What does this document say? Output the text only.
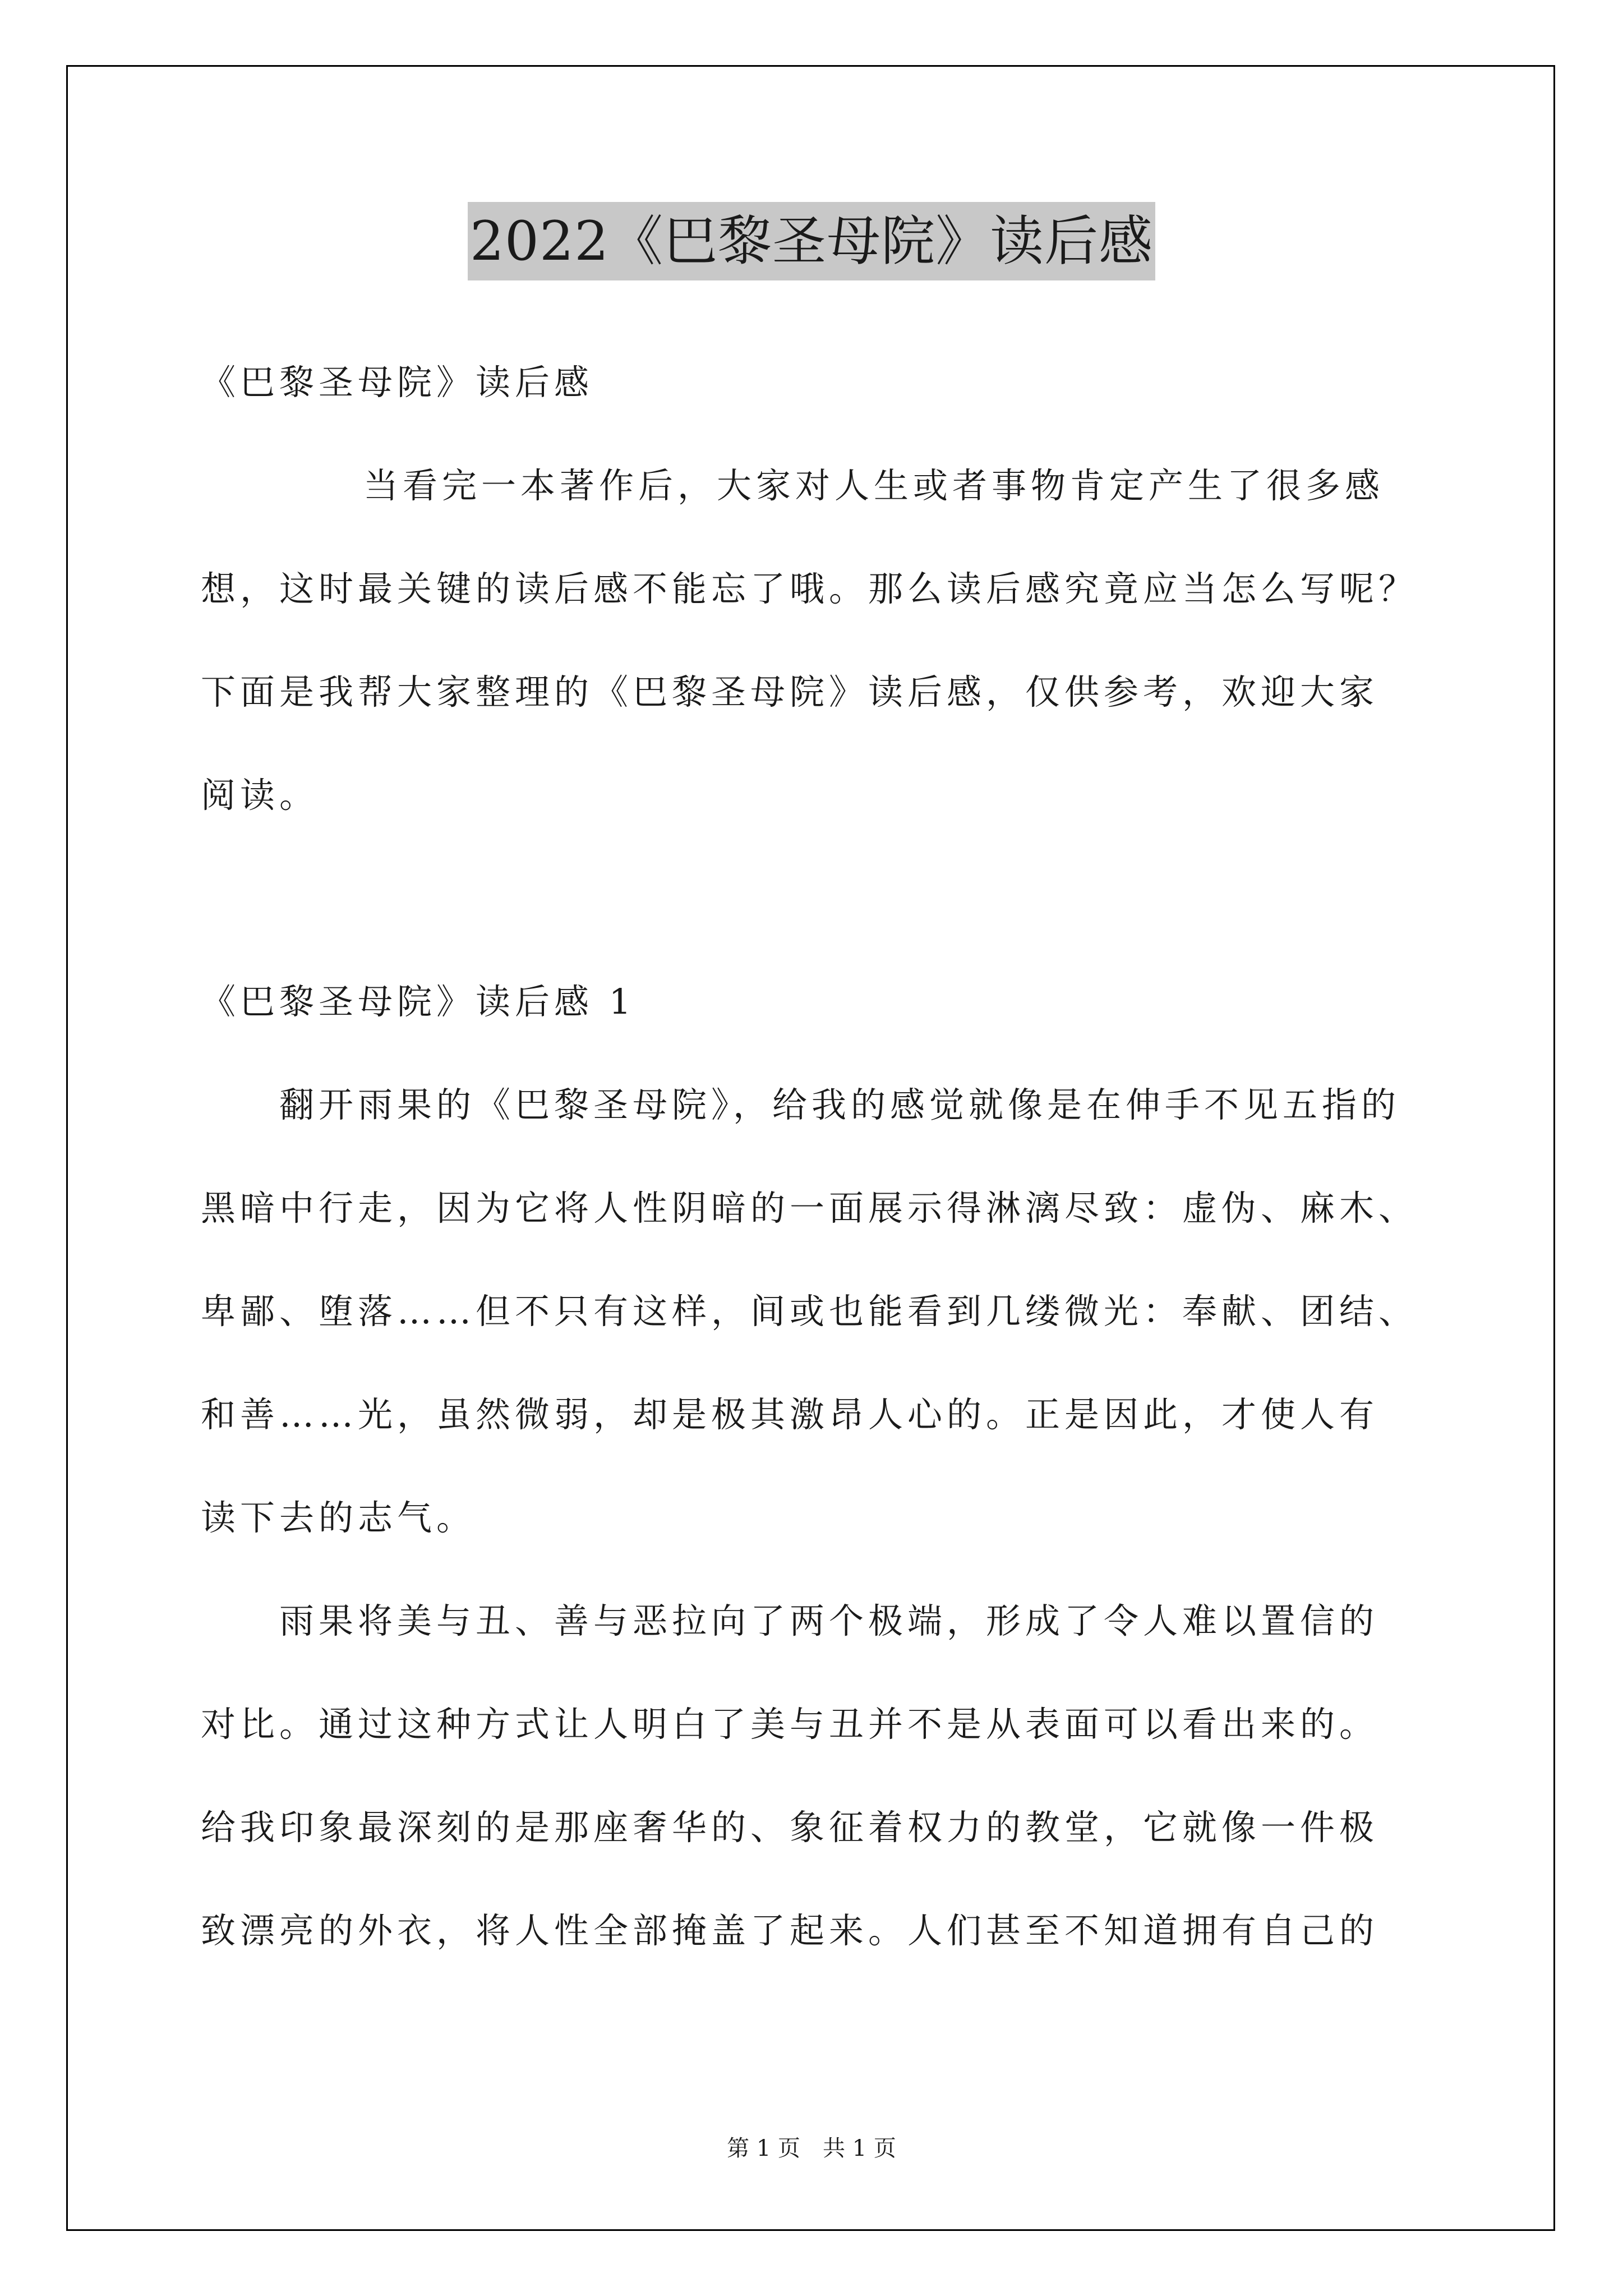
2022《巴黎圣母院》读后感
《巴黎圣母院》读后感
当看完一本著作后，大家对人生或者事物肯定产生了很多感
想，这时最关键的读后感不能忘了哦。那么读后感究竟应当怎么写呢？
下面是我帮大家整理的《巴黎圣母院》读后感，仅供参考，欢迎大家
阅读。
《巴黎圣母院》读后感 1
翻开雨果的《巴黎圣母院》，给我的感觉就像是在伸手不见五指的
黑暗中行走，因为它将人性阴暗的一面展示得淋漓尽致：虚伪、麻木、
卑鄙、堕落……但不只有这样，间或也能看到几缕微光：奉献、团结、
和善……光，虽然微弱，却是极其激昂人心的。正是因此，才使人有
读下去的志气。
雨果将美与丑、善与恶拉向了两个极端，形成了令人难以置信的
对比。通过这种方式让人明白了美与丑并不是从表面可以看出来的。
给我印象最深刻的是那座奢华的、象征着权力的教堂，它就像一件极
致漂亮的外衣，将人性全部掩盖了起来。人们甚至不知道拥有自己的
第 1 页 共 1 页
